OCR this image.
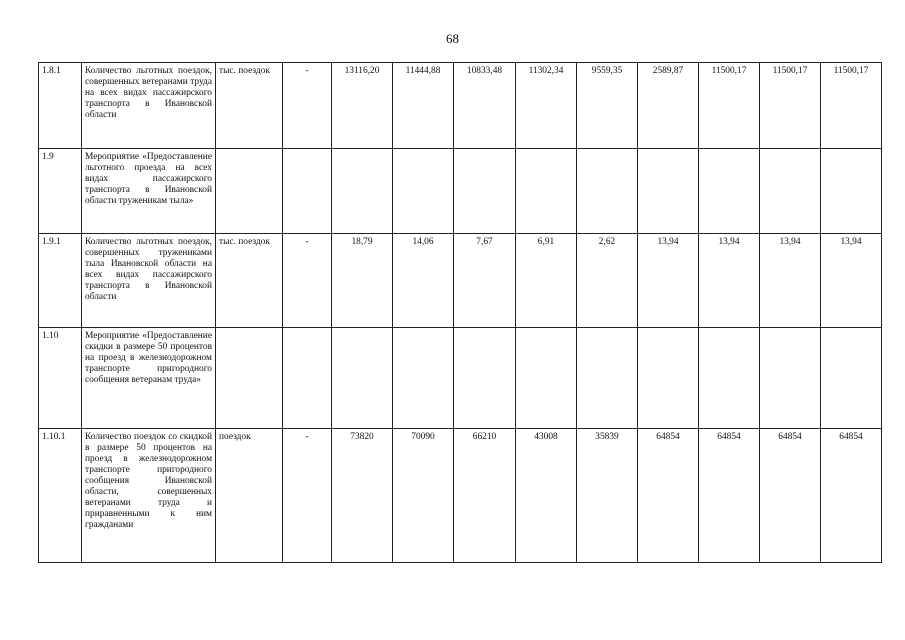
68
1.8.1	Количество льготных поездок, совершенных ветеранами труда на всех видах пассажирского транспорта в Ивановской области	тыс. поездок	-	13116,20	11444,88	10833,48	11302,34	9559,35	2589,87	11500,17	11500,17	11500,17
1.9	Мероприятие «Предоставление льготного проезда на всех видах пассажирского транспорта в Ивановской области труженикам тыла»											
1.9.1	Количество льготных поездок, совершенных тружениками тыла Ивановской области на всех видах пассажирского транспорта в Ивановской области	тыс. поездок	-	18,79	14,06	7,67	6,91	2,62	13,94	13,94	13,94	13,94
1.10	Мероприятие «Предоставление скидки в размере 50 процентов на проезд в железнодорожном транспорте пригородного сообщения ветеранам труда»											
1.10.1	Количество поездок со скидкой в размере 50 процентов на проезд в железнодорожном транспорте пригородного сообщения Ивановской области, совершенных ветеранами труда и приравненными к ним гражданами	поездок	-	73820	70090	66210	43008	35839	64854	64854	64854	64854
